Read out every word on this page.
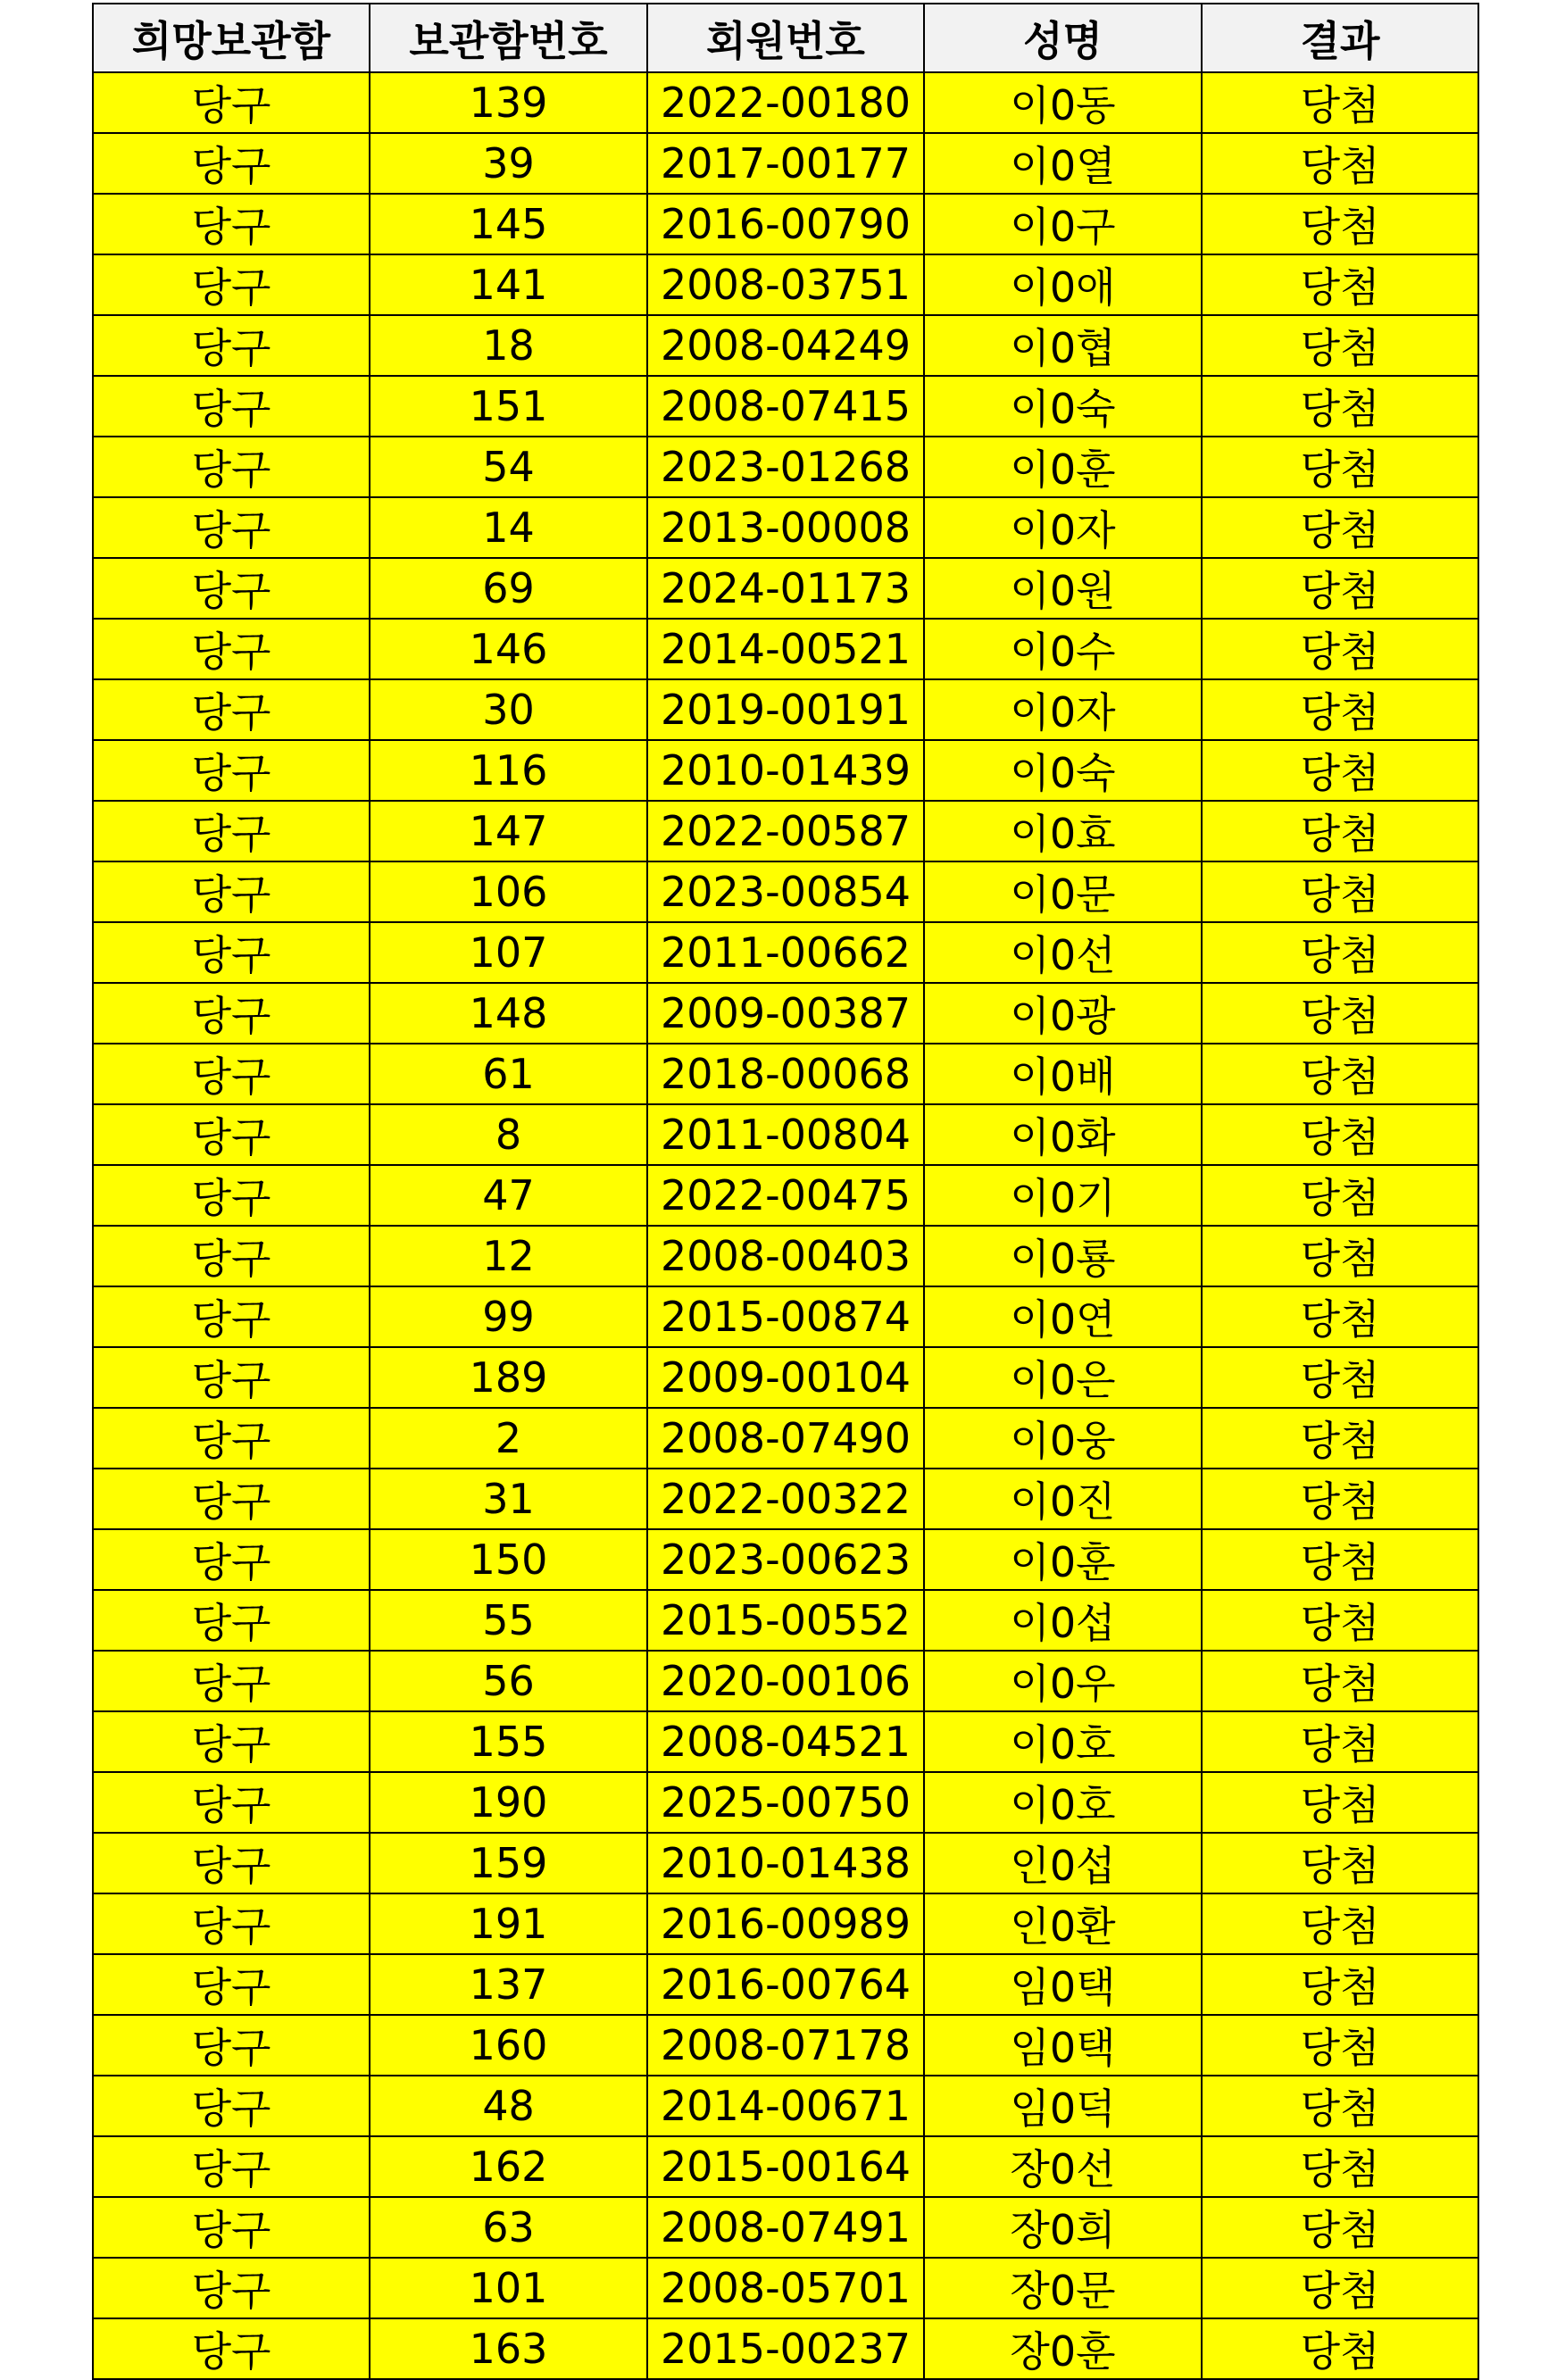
희망보관함	보관함번호	회원번호	성명	결과
당구	139	2022-00180	이0동	당첨
당구	39	2017-00177	이0열	당첨
당구	145	2016-00790	이0구	당첨
당구	141	2008-03751	이0애	당첨
당구	18	2008-04249	이0협	당첨
당구	151	2008-07415	이0숙	당첨
당구	54	2023-01268	이0훈	당첨
당구	14	2013-00008	이0자	당첨
당구	69	2024-01173	이0원	당첨
당구	146	2014-00521	이0수	당첨
당구	30	2019-00191	이0자	당첨
당구	116	2010-01439	이0숙	당첨
당구	147	2022-00587	이0효	당첨
당구	106	2023-00854	이0문	당첨
당구	107	2011-00662	이0선	당첨
당구	148	2009-00387	이0광	당첨
당구	61	2018-00068	이0배	당첨
당구	8	2011-00804	이0화	당첨
당구	47	2022-00475	이0기	당첨
당구	12	2008-00403	이0룡	당첨
당구	99	2015-00874	이0연	당첨
당구	189	2009-00104	이0은	당첨
당구	2	2008-07490	이0웅	당첨
당구	31	2022-00322	이0진	당첨
당구	150	2023-00623	이0훈	당첨
당구	55	2015-00552	이0섭	당첨
당구	56	2020-00106	이0우	당첨
당구	155	2008-04521	이0호	당첨
당구	190	2025-00750	이0호	당첨
당구	159	2010-01438	인0섭	당첨
당구	191	2016-00989	인0환	당첨
당구	137	2016-00764	임0택	당첨
당구	160	2008-07178	임0택	당첨
당구	48	2014-00671	임0덕	당첨
당구	162	2015-00164	장0선	당첨
당구	63	2008-07491	장0희	당첨
당구	101	2008-05701	장0문	당첨
당구	163	2015-00237	장0훈	당첨
